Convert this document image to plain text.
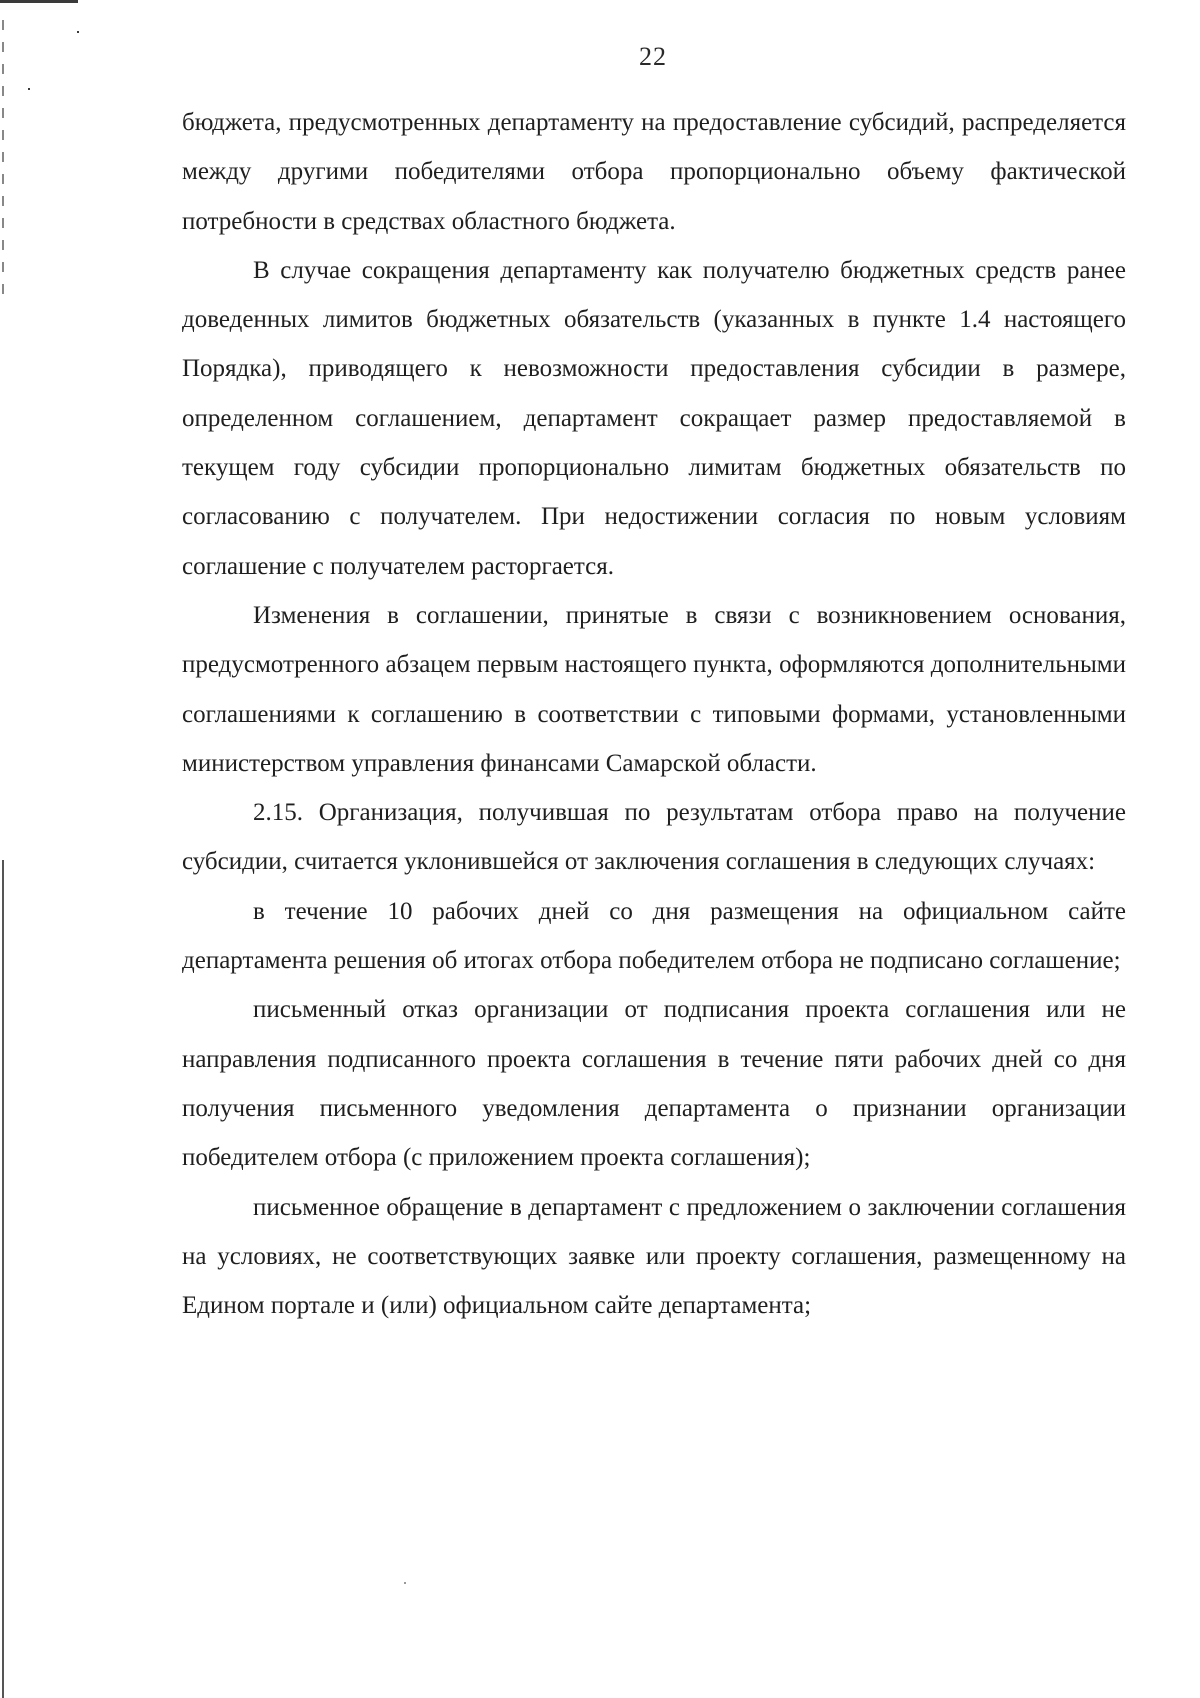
22

бюджета, предусмотренных департаменту на предоставление субсидий, распределяется между другими победителями отбора пропорционально объему фактической потребности в средствах областного бюджета.

В случае сокращения департаменту как получателю бюджетных средств ранее доведенных лимитов бюджетных обязательств (указанных в пункте 1.4 настоящего Порядка), приводящего к невозможности предоставления субсидии в размере, определенном соглашением, департамент сокращает размер предоставляемой в текущем году субсидии пропорционально лимитам бюджетных обязательств по согласованию с получателем. При недостижении согласия по новым условиям соглашение с получателем расторгается.

Изменения в соглашении, принятые в связи с возникновением основания, предусмотренного абзацем первым настоящего пункта, оформляются дополнительными соглашениями к соглашению в соответствии с типовыми формами, установленными министерством управления финансами Самарской области.

2.15. Организация, получившая по результатам отбора право на получение субсидии, считается уклонившейся от заключения соглашения в следующих случаях:

в течение 10 рабочих дней со дня размещения на официальном сайте департамента решения об итогах отбора победителем отбора не подписано соглашение;

письменный отказ организации от подписания проекта соглашения или не направления подписанного проекта соглашения в течение пяти рабочих дней со дня получения письменного уведомления департамента о признании организации победителем отбора (с приложением проекта соглашения);

письменное обращение в департамент с предложением о заключении соглашения на условиях, не соответствующих заявке или проекту соглашения, размещенному на Едином портале и (или) официальном сайте департамента;
